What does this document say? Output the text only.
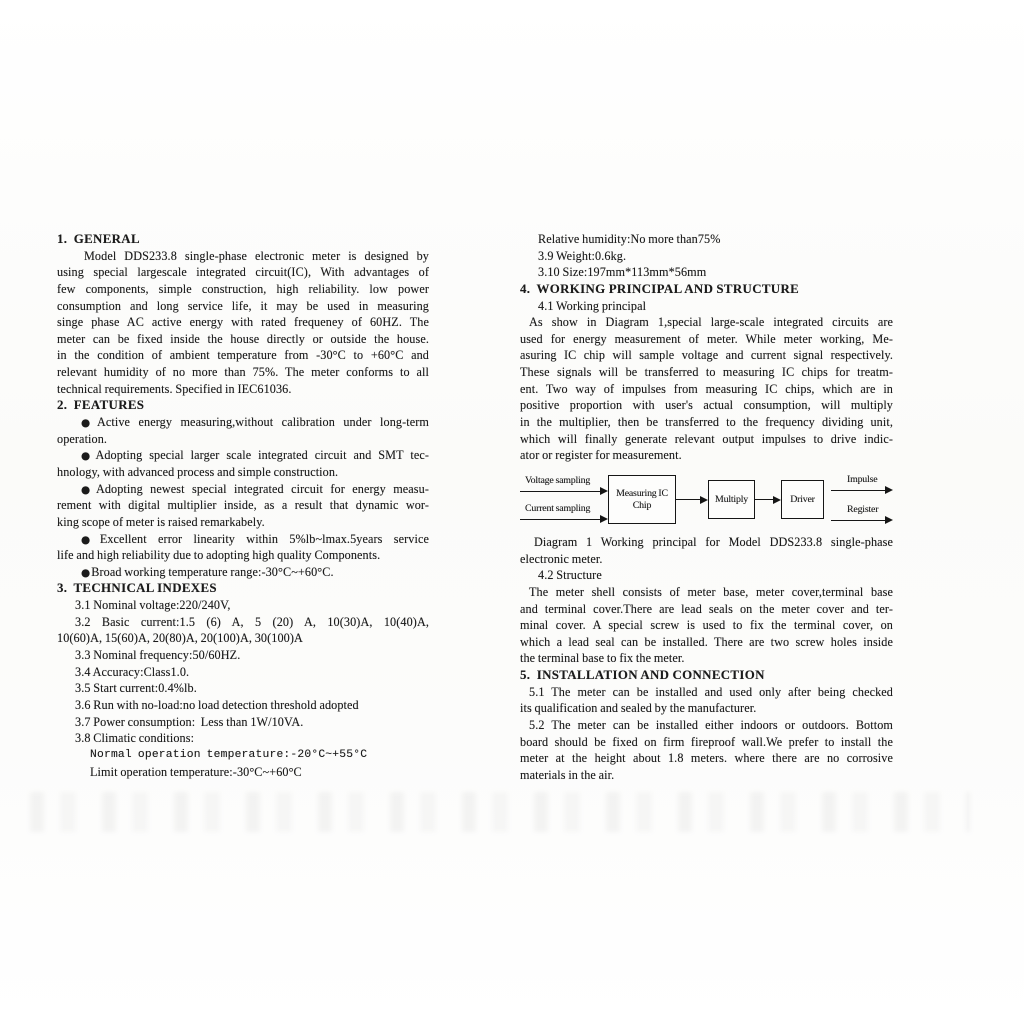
1.  GENERAL
Model DDS233.8 single-phase electronic meter is designed by
using special largescale integrated circuit(IC), With advantages of
few components, simple construction, high reliability. low power
consumption and long service life, it may be used in measuring
singe phase AC active energy with rated frequeney of 60HZ. The
meter can be fixed inside the house directly or outside the house.
in the condition of ambient temperature from -30°C to +60°C and
relevant humidity of no more than 75%. The meter conforms to all
technical requirements. Specified in IEC61036.
2.  FEATURES
●Active energy measuring,without calibration under long-term
operation.
●Adopting special larger scale integrated circuit and SMT tec-
hnology, with advanced process and simple construction.
●Adopting newest special integrated circuit for energy measu-
rement with digital multiplier inside, as a result that dynamic wor-
king scope of meter is raised remarkabely.
●Excellent error linearity within 5%lb~lmax.5years service
life and high reliability due to adopting high quality Components.
●Broad working temperature range:-30°C~+60°C.
3.  TECHNICAL INDEXES
3.1 Nominal voltage:220/240V,
3.2 Basic current:1.5 (6) A, 5 (20) A, 10(30)A, 10(40)A,
10(60)A, 15(60)A, 20(80)A, 20(100)A, 30(100)A
3.3 Nominal frequency:50/60HZ.
3.4 Accuracy:Class1.0.
3.5 Start current:0.4%lb.
3.6 Run with no-load:no load detection threshold adopted
3.7 Power consumption:  Less than 1W/10VA.
3.8 Climatic conditions:
Normal operation temperature:-20°C~+55°C
Limit operation temperature:-30°C~+60°C
Relative humidity:No more than75%
3.9 Weight:0.6kg.
3.10 Size:197mm*113mm*56mm
4.  WORKING PRINCIPAL AND STRUCTURE
4.1 Working principal
As show in Diagram 1,special large-scale integrated circuits are
used for energy measurement of meter. While meter working, Me-
asuring IC chip will sample voltage and current signal respectively.
These signals will be transferred to measuring IC chips for treatm-
ent. Two way of impulses from measuring IC chips, which are in
positive proportion with user's actual consumption, will multiply
in the multiplier, then be transferred to the frequency dividing unit,
which will finally generate relevant output impulses to drive indic-
ator or register for measurement.
Voltage sampling
Current sampling
Measuring IC Chip
Multiply	Driver
Impulse
Register
Diagram 1 Working principal for Model DDS233.8 single-phase
electronic meter.
4.2 Structure
The meter shell consists of meter base, meter cover,terminal base
and terminal cover.There are lead seals on the meter cover and ter-
minal cover. A special screw is used to fix the terminal cover, on
which a lead seal can be installed. There are two screw holes inside
the terminal base to fix the meter.
5.  INSTALLATION AND CONNECTION
5.1 The meter can be installed and used only after being checked
its qualification and sealed by the manufacturer.
5.2 The meter can be installed either indoors or outdoors. Bottom
board should be fixed on firm fireproof wall.We prefer to install the
meter at the height about 1.8 meters. where there are no corrosive
materials in the air.
